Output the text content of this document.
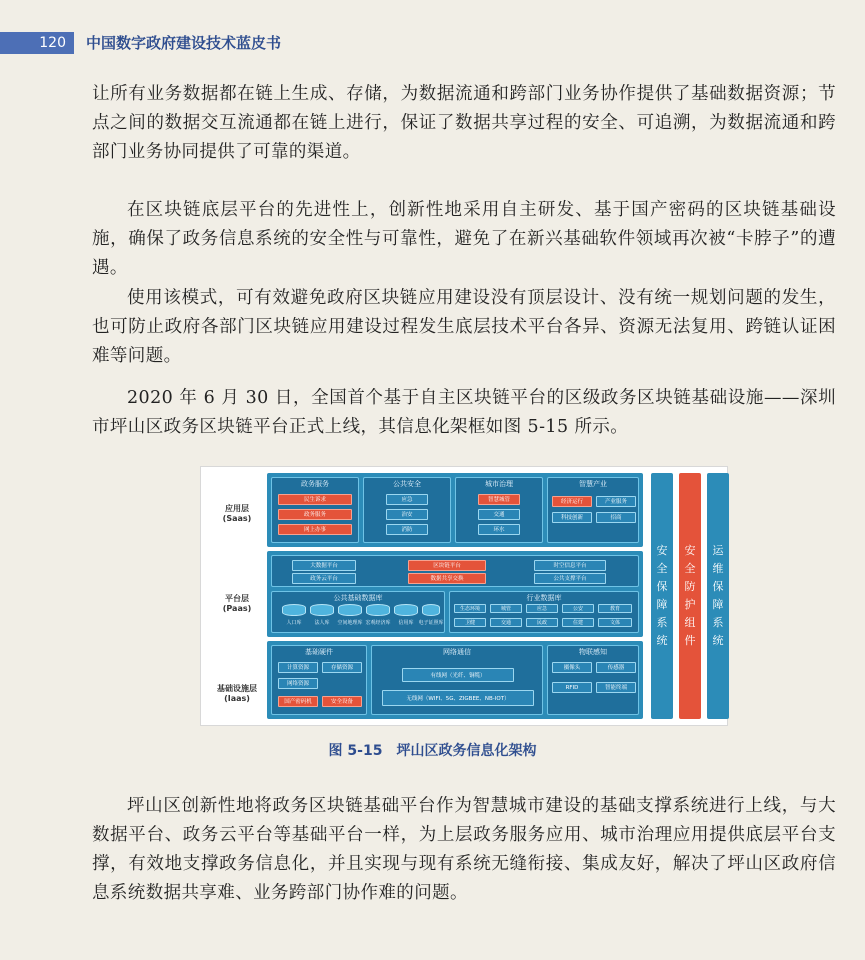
120	中国数字政府建设技术蓝皮书

让所有业务数据都在链上生成、存储，为数据流通和跨部门业务协作提供了基础数据资源；节点之间的数据交互流通都在链上进行，保证了数据共享过程的安全、可追溯，为数据流通和跨部门业务协同提供了可靠的渠道。

在区块链底层平台的先进性上，创新性地采用自主研发、基于国产密码的区块链基础设施，确保了政务信息系统的安全性与可靠性，避免了在新兴基础软件领域再次被“卡脖子”的遭遇。

使用该模式，可有效避免政府区块链应用建设没有顶层设计、没有统一规划问题的发生，也可防止政府各部门区块链应用建设过程发生底层技术平台各异、资源无法复用、跨链认证困难等问题。

2020 年 6 月 30 日，全国首个基于自主区块链平台的区级政务区块链基础设施——深圳市坪山区政务区块链平台正式上线，其信息化架框如图 5-15 所示。

应用层
(Saas)
平台层
(Paas)
基础设施层
(Iaas)
政务服务
民生诉求
政务服务
网上办事
公共安全
应急
治安
消防
城市治理
智慧城管
交通
环水
智慧产业
经济运行	产业服务
科技创新	招商
大数据平台	区块链平台	时空信息平台
政务云平台	数据共享交换	公共支撑平台
公共基础数据库
人口库	法人库	空间地理库 宏观经济库	信用库 电子证照库
行业数据库
生态环境	城管	应急	公安	教育
卫健	交通	民政	住建	文体
基础硬件
计算资源	存储资源
网络资源
国产密码机	安全设备
网络通信
有线网（光纤、铜缆）
无线网（WIFI、5G、ZIGBEE、NB-IOT）
物联感知
摄像头	传感器
RFID	智能终端
安
全
保
障
系
统
安
全
防
护
组
件
运
维
保
障
系
统
图 5-15　坪山区政务信息化架构

坪山区创新性地将政务区块链基础平台作为智慧城市建设的基础支撑系统进行上线，与大数据平台、政务云平台等基础平台一样，为上层政务服务应用、城市治理应用提供底层平台支撑，有效地支撑政务信息化，并且实现与现有系统无缝衔接、集成友好，解决了坪山区政府信息系统数据共享难、业务跨部门协作难的问题。
